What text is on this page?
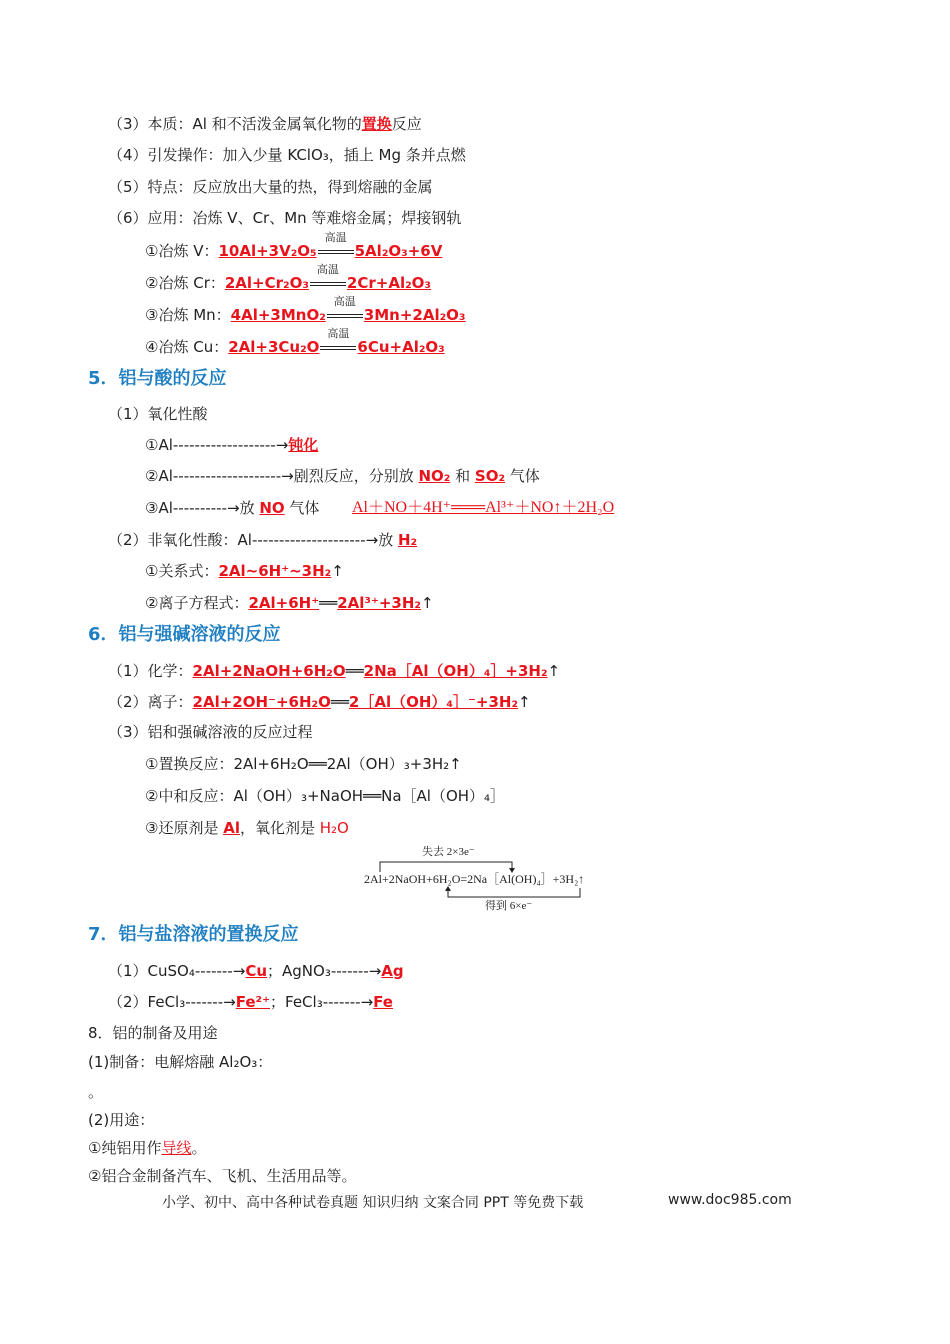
（3）本质：Al 和不活泼金属氧化物的置换反应
（4）引发操作：加入少量 KClO₃，插上 Mg 条并点燃
（5）特点：反应放出大量的热，得到熔融的金属
（6）应用：冶炼 V、Cr、Mn 等难熔金属；焊接钢轨
①冶炼 V：10Al+3V₂O₅
高温
5Al₂O₃+6V
②冶炼 Cr：2Al+Cr₂O₃
高温
2Cr+Al₂O₃
③冶炼 Mn：4Al+3MnO₂
高温
3Mn+2Al₂O₃
④冶炼 Cu：2Al+3Cu₂O
高温
6Cu+Al₂O₃
5．铝与酸的反应
（1）氧化性酸
①Al-------------------→钝化
②Al--------------------→剧烈反应，分别放 NO₂ 和 SO₂ 气体
③Al----------→放 NO 气体 Al＋NO＋4H⁺═══Al³⁺＋NO↑＋2H₂O
（2）非氧化性酸：Al---------------------→放 H₂
①关系式：2Al~6H⁺~3H₂↑
②离子方程式：2Al+6H⁺══2Al³⁺+3H₂↑
6．铝与强碱溶液的反应
（1）化学：2Al+2NaOH+6H₂O══2Na［Al（OH）₄］+3H₂↑
（2）离子：2Al+2OH⁻+6H₂O══2［Al（OH）₄］⁻+3H₂↑
（3）铝和强碱溶液的反应过程
①置换反应：2Al+6H₂O══2Al（OH）₃+3H₂↑
②中和反应：Al（OH）₃+NaOH══Na［Al（OH）₄］
③还原剂是 Al，氧化剂是 H₂O
失去 2×3e⁻
2Al+2NaOH+6H₂O=2Na［Al(OH)₄］+3H₂↑
得到 6×e⁻
7．铝与盐溶液的置换反应
（1）CuSO₄-------→Cu；AgNO₃-------→Ag
（2）FeCl₃-------→Fe²⁺；FeCl₃-------→Fe
8．铝的制备及用途
(1)制备：电解熔融 Al₂O₃：
。
(2)用途：
①纯铝用作导线。
②铝合金制备汽车、飞机、生活用品等。
小学、初中、高中各种试卷真题 知识归纳 文案合同 PPT 等免费下载	www.doc985.com
